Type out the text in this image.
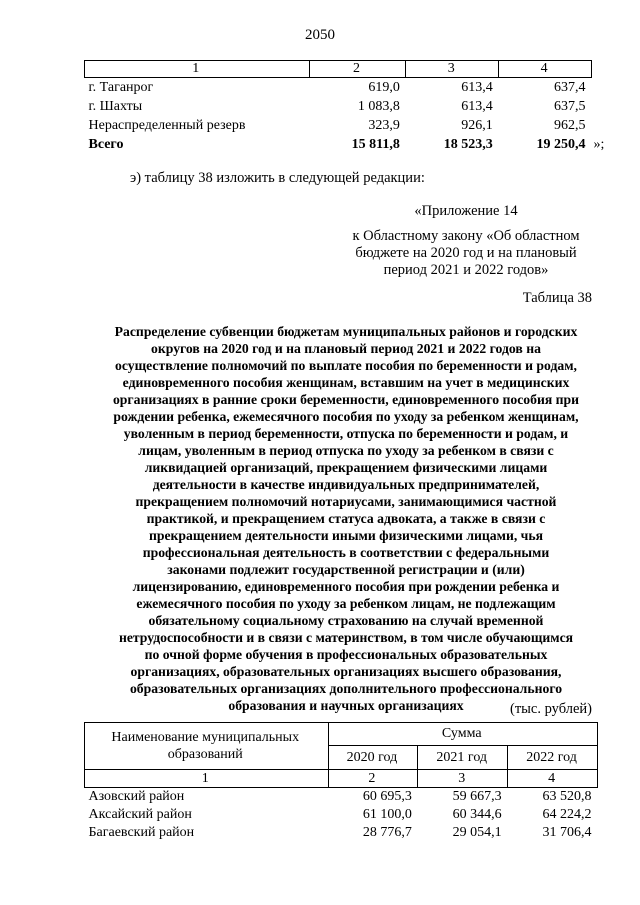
2050
1	2	3	4
г. Таганрог	619,0	613,4	637,4
г. Шахты	1 083,8	613,4	637,5
Нераспределенный резерв	323,9	926,1	962,5
Всего	15 811,8	18 523,3	19 250,4 »;
э) таблицу 38 изложить в следующей редакции:
«Приложение 14
к Областному закону «Об областном
бюджете на 2020 год и на плановый
период 2021 и 2022 годов»
Таблица 38
Распределение субвенции бюджетам муниципальных районов и городских
округов на 2020 год и на плановый период 2021 и 2022 годов на
осуществление полномочий по выплате пособия по беременности и родам,
единовременного пособия женщинам, вставшим на учет в медицинских
организациях в ранние сроки беременности, единовременного пособия при
рождении ребенка, ежемесячного пособия по уходу за ребенком женщинам,
уволенным в период беременности, отпуска по беременности и родам, и
лицам, уволенным в период отпуска по уходу за ребенком в связи с
ликвидацией организаций, прекращением физическими лицами
деятельности в качестве индивидуальных предпринимателей,
прекращением полномочий нотариусами, занимающимися частной
практикой, и прекращением статуса адвоката, а также в связи с
прекращением деятельности иными физическими лицами, чья
профессиональная деятельность в соответствии с федеральными
законами подлежит государственной регистрации и (или)
лицензированию, единовременного пособия при рождении ребенка и
ежемесячного пособия по уходу за ребенком лицам, не подлежащим
обязательному социальному страхованию на случай временной
нетрудоспособности и в связи с материнством, в том числе обучающимся
по очной форме обучения в профессиональных образовательных
организациях, образовательных организациях высшего образования,
образовательных организациях дополнительного профессионального
образования и научных организациях	(тыс. рублей)
Наименование муниципальных образований	Сумма		
	2020 год	2021 год	2022 год
1	2	3	4
Азовский район	60 695,3	59 667,3	63 520,8
Аксайский район	61 100,0	60 344,6	64 224,2
Багаевский район	28 776,7	29 054,1	31 706,4
